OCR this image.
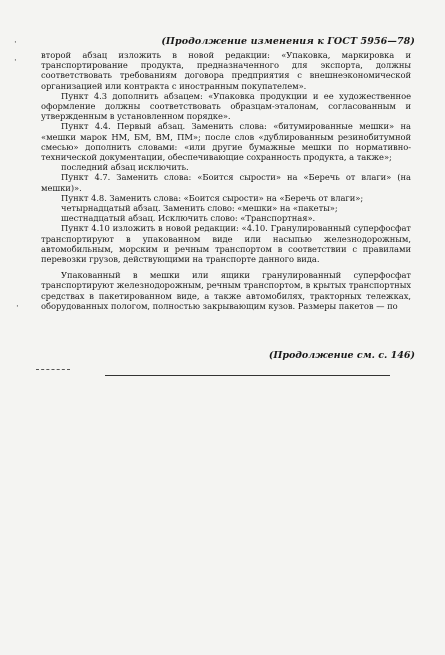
·
·
·
(Продолжение изменения к ГОСТ 5956—78)

второй абзац изложить в новой редакции: «Упаковка, маркировка и транспортирование продукта, предназначенного для экспорта, должны соответствовать требованиям договора предприятия с внешнеэкономической организацией или контракта с иностранным покупателем».

Пункт 4.3 дополнить абзацем: «Упаковка продукции и ее художественное оформление должны соответствовать образцам-эталонам, согласованным и утвержденным в установленном порядке».

Пункт 4.4. Первый абзац. Заменить слова: «битумированные мешки» на «мешки марок НМ, БМ, ВМ, ПМ»; после слов «дублированным резинобитумной смесью» дополнить словами: «или другие бумажные мешки по нормативно-технической документации, обеспечивающие сохранность продукта, а также»;

последний абзац исключить.

Пункт 4.7. Заменить слова: «Боится сырости» на «Беречь от влаги» (на мешки)».

Пункт 4.8. Заменить слова: «Боится сырости» на «Беречь от влаги»;

четырнадцатый абзац. Заменить слово: «мешки» на «пакеты»;

шестнадцатый абзац. Исключить слово: «Транспортная».

Пункт 4.10 изложить в новой редакции: «4.10. Гранулированный суперфосфат транспортируют в упакованном виде или насыпью железнодорожным, автомобильным, морским и речным транспортом в соответствии с правилами перевозки грузов, действующими на транспорте данного вида.

Упакованный в мешки или ящики гранулированный суперфосфат транспортируют железнодорожным, речным транспортом, в крытых транспортных средствах в пакетированном виде, а также автомобилях, тракторных тележках, оборудованных пологом, полностью закрывающим кузов. Размеры пакетов — по

(Продолжение см. с. 146)
